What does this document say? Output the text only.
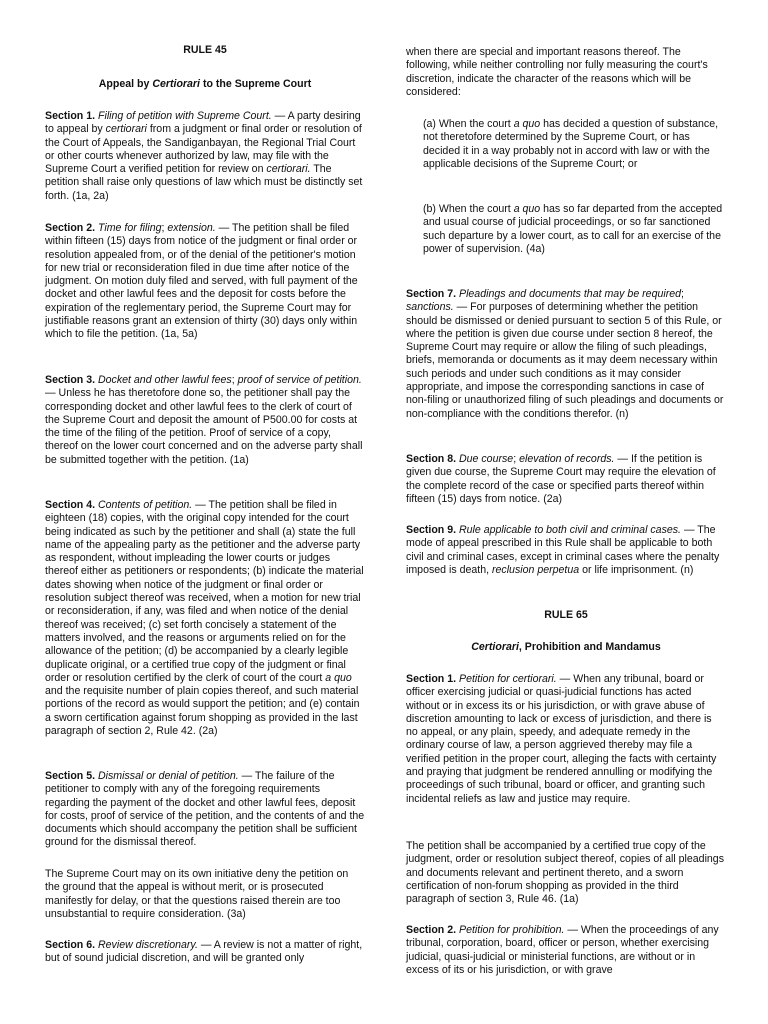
RULE 45

Appeal by Certiorari to the Supreme Court

Section 1. Filing of petition with Supreme Court. — A party desiring to appeal by certiorari from a judgment or final order or resolution of the Court of Appeals, the Sandiganbayan, the Regional Trial Court or other courts whenever authorized by law, may file with the Supreme Court a verified petition for review on certiorari. The petition shall raise only questions of law which must be distinctly set forth. (1a, 2a)

Section 2. Time for filing; extension. — The petition shall be filed within fifteen (15) days from notice of the judgment or final order or resolution appealed from, or of the denial of the petitioner's motion for new trial or reconsideration filed in due time after notice of the judgment. On motion duly filed and served, with full payment of the docket and other lawful fees and the deposit for costs before the expiration of the reglementary period, the Supreme Court may for justifiable reasons grant an extension of thirty (30) days only within which to file the petition. (1a, 5a)

Section 3. Docket and other lawful fees; proof of service of petition. — Unless he has theretofore done so, the petitioner shall pay the corresponding docket and other lawful fees to the clerk of court of the Supreme Court and deposit the amount of P500.00 for costs at the time of the filing of the petition. Proof of service of a copy, thereof on the lower court concerned and on the adverse party shall be submitted together with the petition. (1a)

Section 4. Contents of petition. — The petition shall be filed in eighteen (18) copies, with the original copy intended for the court being indicated as such by the petitioner and shall (a) state the full name of the appealing party as the petitioner and the adverse party as respondent, without impleading the lower courts or judges thereof either as petitioners or respondents; (b) indicate the material dates showing when notice of the judgment or final order or resolution subject thereof was received, when a motion for new trial or reconsideration, if any, was filed and when notice of the denial thereof was received; (c) set forth concisely a statement of the matters involved, and the reasons or arguments relied on for the allowance of the petition; (d) be accompanied by a clearly legible duplicate original, or a certified true copy of the judgment or final order or resolution certified by the clerk of court of the court a quo and the requisite number of plain copies thereof, and such material portions of the record as would support the petition; and (e) contain a sworn certification against forum shopping as provided in the last paragraph of section 2, Rule 42. (2a)

Section 5. Dismissal or denial of petition. — The failure of the petitioner to comply with any of the foregoing requirements regarding the payment of the docket and other lawful fees, deposit for costs, proof of service of the petition, and the contents of and the documents which should accompany the petition shall be sufficient ground for the dismissal thereof.

The Supreme Court may on its own initiative deny the petition on the ground that the appeal is without merit, or is prosecuted manifestly for delay, or that the questions raised therein are too unsubstantial to require consideration. (3a)

Section 6. Review discretionary. — A review is not a matter of right, but of sound judicial discretion, and will be granted only

when there are special and important reasons thereof. The following, while neither controlling nor fully measuring the court's discretion, indicate the character of the reasons which will be considered:

(a) When the court a quo has decided a question of substance, not theretofore determined by the Supreme Court, or has decided it in a way probably not in accord with law or with the applicable decisions of the Supreme Court; or

(b) When the court a quo has so far departed from the accepted and usual course of judicial proceedings, or so far sanctioned such departure by a lower court, as to call for an exercise of the power of supervision. (4a)

Section 7. Pleadings and documents that may be required; sanctions. — For purposes of determining whether the petition should be dismissed or denied pursuant to section 5 of this Rule, or where the petition is given due course under section 8 hereof, the Supreme Court may require or allow the filing of such pleadings, briefs, memoranda or documents as it may deem necessary within such periods and under such conditions as it may consider appropriate, and impose the corresponding sanctions in case of non-filing or unauthorized filing of such pleadings and documents or non-compliance with the conditions therefor. (n)

Section 8. Due course; elevation of records. — If the petition is given due course, the Supreme Court may require the elevation of the complete record of the case or specified parts thereof within fifteen (15) days from notice. (2a)

Section 9. Rule applicable to both civil and criminal cases. — The mode of appeal prescribed in this Rule shall be applicable to both civil and criminal cases, except in criminal cases where the penalty imposed is death, reclusion perpetua or life imprisonment. (n)

RULE 65

Certiorari, Prohibition and Mandamus

Section 1. Petition for certiorari. — When any tribunal, board or officer exercising judicial or quasi-judicial functions has acted without or in excess its or his jurisdiction, or with grave abuse of discretion amounting to lack or excess of jurisdiction, and there is no appeal, or any plain, speedy, and adequate remedy in the ordinary course of law, a person aggrieved thereby may file a verified petition in the proper court, alleging the facts with certainty and praying that judgment be rendered annulling or modifying the proceedings of such tribunal, board or officer, and granting such incidental reliefs as law and justice may require.

The petition shall be accompanied by a certified true copy of the judgment, order or resolution subject thereof, copies of all pleadings and documents relevant and pertinent thereto, and a sworn certification of non-forum shopping as provided in the third paragraph of section 3, Rule 46. (1a)

Section 2. Petition for prohibition. — When the proceedings of any tribunal, corporation, board, officer or person, whether exercising judicial, quasi-judicial or ministerial functions, are without or in excess of its or his jurisdiction, or with grave
